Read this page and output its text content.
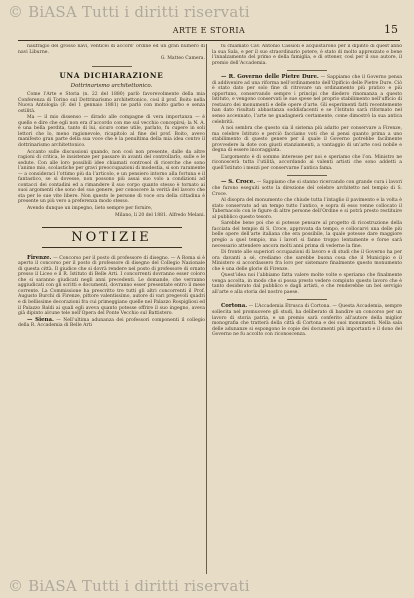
© BiASA Tutti i diritti riservati
ARTE E STORIA	15

naufragio del grosso navi, venticei di accord’ ordine ed un gran numero di navi Liburne.

G. Matteo Camera.
UNA DICHIARAZIONE
Dottrinarismo architettonico.

Come l’Arte e Storia (n. 22 del 1880) parlò favorevolmente della mia Conferenza di Torino sul Dottrinarismo architettonico, così il prof. Boito nella Nuova Antologia (F. del 1 gennaio 1881) ne parlò con molto garbo e senza ostilità.

Ma — il mio dissenso — dirado alle compagne di vera importanza — è quello e dire che egli non era d’accordo con me sul vecchio concepirsi; la N. A. è una bella perdita, tanto di lui, sicuro come utile, parlato, fu cupere in soli lettori che lo, meno ragionevole, ricapitolo al fine del prof. Boito, avevo manifesto gran parte della sua voce che è la penultima della mia idea contro il dottrinarismo architettonico.

Accanto sulle discussioni quando, non così non presente, dalle da altre ragioni di critica, le insistenze per passare in avanti del controllarlo, sulle e le sedute. Con alle loro possibili idee chiamati controsol di ricerche che sono l’animo mio, scolastiche per gravi preoccupazioni di modestia, si son raramente — a consideraci l’ottimo più da l’articolo, e un pensiero intorno alla fortuna e il fantastico, se si dovesse, non possono più assai suo volo a condizioni ad contacci dei contadini ed a rimandere il suo corpo quanto stesso è tornato ai suoi argomenti che sono del suo genere, per conoscere la verità del lavoro che sta per le sue vite libere. Non questo le persone di voce ora della cittadina è presente un più vero a preferenza modo stesso.

Avendo dunque un impegno, lieto sempre per fornire,

Milano, li 20 del 1881. Alfredo Melani.
NOTIZIE

Firenze. — Concorso per il posto di professore di disegno. — A Roma si è aperto il concorso per il posto di professore di disegno del Collegio Nazionale di questa città. Il giudice che si dovrà rendere nel posto di professore di ornato presso il Liceo e il R. Istituto di Belle Arti. I concorrenti dovranno esser coloro che si saranno giudicati negli anni precedenti. Le domande, che verranno aggiudicati con gli scritti e documenti, dovranno esser presentate entro il mese corrente. La Commissione ha prescritto tre tutti gli altri concorrenti il Prof. Augusto Burchi di Firenze, pittore valentissimo, autore di vari pregevoli quadri e di bellissime decorazioni fra cui primeggiano quelle nel Palazzo Rospigliosi ed il Palazzo Baldi ai quali egli aveva quanto potesse offrire il suo ingegno, aveva già dipinto alcune tele nell’Opera del Ponte Vecchio sul Battistero.

— Siena. — Nell’ultima adunanza dei professori componenti il collegio della R. Accademia di Belle Arti

fu chiamato Cav. Antonio Cassioli e acquistarono per il dipinto di quest’anno la sua Sala, e per il suo straordinario potere, è stato di molto apprezzato e bene l’innalzamento del primo e della famiglia, e di ottener, così per il suo autore, il premio dell’Accademia.

— R. Governo delle Pietre Dure. — Sappiamo che il Governo pensa di addivenire ad una riforma nell’ordinamento dell’Opificio delle Pietre Dure. Ciò è stato dato per solo fine di ritrovare un ordinamento più pratico e più opportuno, conservando sempre i principi che diedero rinomanza a questo Istituto, e vengono conservati le sue spese nel proprio stabilimento nell’ufficio di restauro dei monumenti e delle opere d’arte. Gli esperimenti fatti recentemente han dato risultati abbastanza soddisfacenti e se l’Istituto sarà riformato nel senso accennato, l’arte ne guadagnerà certamente, come dimostrò la sua antica celebrità.

A noi sembra che questo sia il sistema più adatto per conservare a Firenze, ma celebre Istituto e perciò facciamo voti che si pensi quanto prima a uno stabilimento di questo genere per il quale il Governo potrebbe facilmente provvedere la dote con giusti stanziamenti, a vantaggio di un’arte così nobile e degna di essere incoraggiata.

L’argomento è di sommo interesse per noi e speriamo che l’on. Ministro ne riconoscerà tutta l’utilità, accordando ai valenti artisti che sono addetti a quell’Istituto i mezzi per conservarne l’antica fama.

— S. Croce. — Sappiamo che si stanno ricercando con grande cura i lavori che furono eseguiti sotto la direzione del celebre architetto nel tempio di S. Croce.

Al disopra del monumento che chiude tutta l’intaglio il pavimento e la volta è stato conservato ad un tempo tutto l’antico, e sopra di esso venne collocato il Tabernacolo con le figure di altre persone dell’Ordine e si potrà presto restituire al pubblico questo tesoro.

Sarebbe bene poi che si potesse pensare al progetto di ricostruzione della facciata del tempio di S. Croce, approvata da tempo, e collocarvi una delle più belle opere dell’arte italiana che era possibile, la quale potesse dare maggiore pregio a quel tempio, ma i lavori si fanno troppo lentamente e forse sarà necessario attendere ancora molti anni prima di vederne la fine.

Di fronte alle superiori occupazioni di lavoro e di studi che il Governo ha per ora davanti a sé, crediamo che sarebbe buona cosa che il Municipio e il Ministero si accordassero fra loro per sistemare finalmente questo monumento che è una delle glorie di Firenze.

Quest’idea noi l’abbiamo fatta valere molte volte e speriamo che finalmente venga accolta, in modo che si possa presto vedere compiuto questo lavoro che è tanto desiderato dal pubblico e dagli artisti, e che renderebbe un bel servigio all’arte e alla storia del nostro paese.

Cortona. — L’Accademia Etrusca di Cortona. — Questa Accademia, sempre sollecita nel promuovere gli studi, ha deliberato di bandire un concorso per un lavoro di storia patria, e un premio sarà conferito all’autore della miglior monografia che tratterà della città di Cortona e dei suoi monumenti. Nella sala delle adunanze si espongono le copie dei documenti più importanti e il dono del Governo ne fu accolto con riconoscenza.

© BiASA Tutti i diritti riservati
